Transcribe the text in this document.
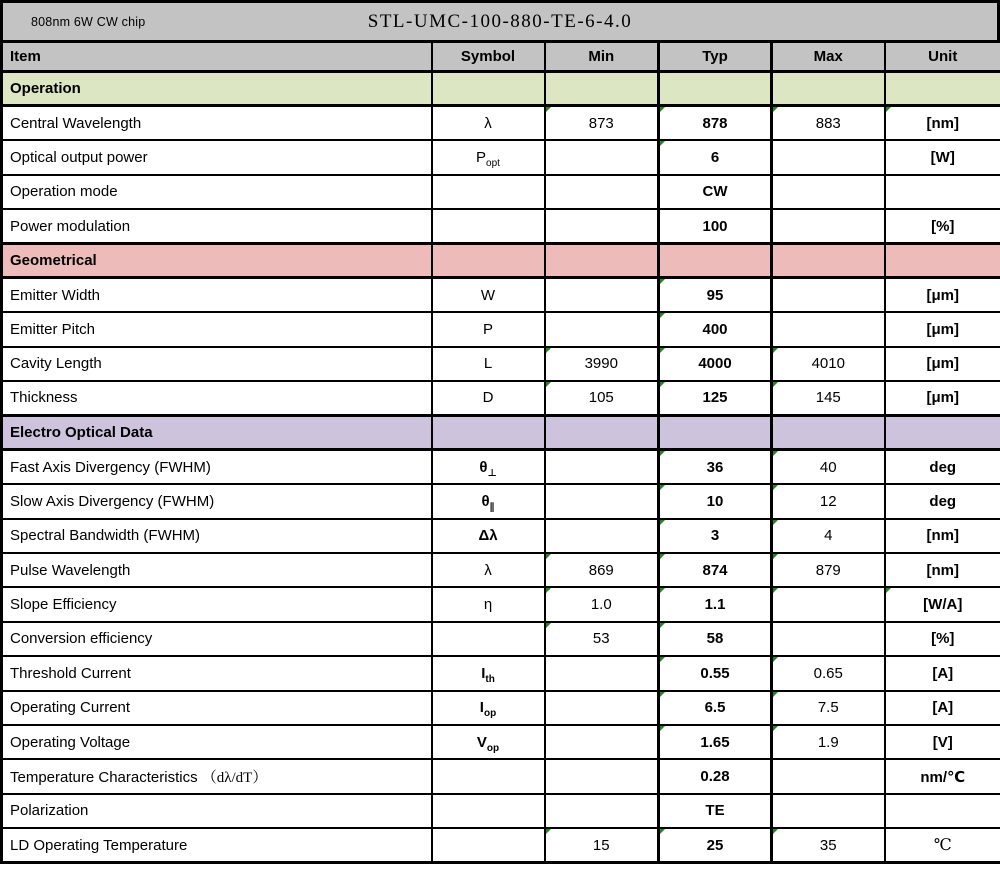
808nm 6W CW chip	STL-UMC-100-880-TE-6-4.0
Item	Symbol	Min	Typ	Max	Unit
Operation					
Central Wavelength	λ	873	878	883	[nm]

Optical output power	$P_{opt}$		6		[W]
Operation mode			CW		
Power modulation			100		[%]
Geometrical					
Emitter Width	W		95		[μm]
Emitter Pitch	P		400		[μm]
Cavity Length	L	3990	4000	4010	[μm]
Thickness	D	105	125	145	[μm]
Electro Optical Data					
Fast Axis Divergency (FWHM)	$\theta_\perp$		36	40	deg
Slow Axis Divergency (FWHM)	$\theta_\parallel$		10	12	deg
Spectral Bandwidth (FWHM)	Δλ		3	4	[nm]
Pulse Wavelength	λ	869	874	879	[nm]
Slope Efficiency	η	1.0	1.1		[W/A]

Conversion efficiency		53	58		[%]
Threshold Current	$I_{th}$		0.55	0.65	[A]
Operating Current	$I_{op}$		6.5	7.5	[A]
Operating Voltage	$V_{op}$		1.65	1.9	[V]
Temperature Characteristics （dλ/dT）			0.28		nm/℃
Polarization			TE		
LD Operating Temperature		15	25	35	℃
